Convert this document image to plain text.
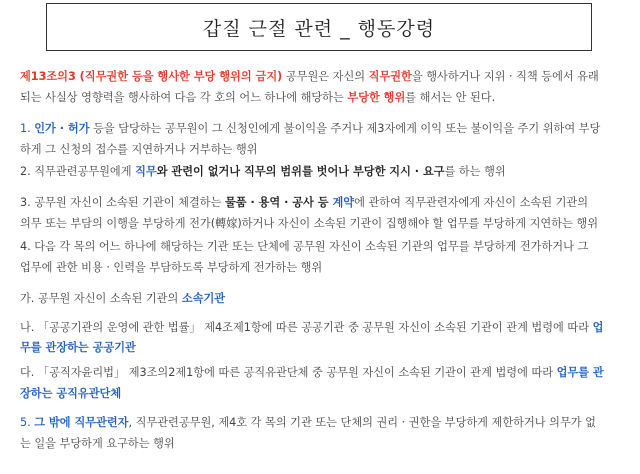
갑질 근절 관련 _ 행동강령
제13조의3 (직무권한 등을 행사한 부당 행위의 금지) 공무원은 자신의 직무권한을 행사하거나 지위 · 직책 등에서 유래
되는 사실상 영향력을 행사하여 다음 각 호의 어느 하나에 해당하는 부당한 행위를 해서는 안 된다.
1. 인가 · 허가 등을 담당하는 공무원이 그 신청인에게 불이익을 주거나 제3자에게 이익 또는 불이익을 주기 위하여 부당
하게 그 신청의 접수를 지연하거나 거부하는 행위
2. 직무관련공무원에게 직무와 관련이 없거나 직무의 범위를 벗어나 부당한 지시 · 요구를 하는 행위
3. 공무원 자신이 소속된 기관이 체결하는 물품 · 용역 · 공사 등 계약에 관하여 직무관련자에게 자신이 소속된 기관의
의무 또는 부담의 이행을 부당하게 전가(轉嫁)하거나 자신이 소속된 기관이 집행해야 할 업무를 부당하게 지연하는 행위
4. 다음 각 목의 어느 하나에 해당하는 기관 또는 단체에 공무원 자신이 소속된 기관의 업무를 부당하게 전가하거나 그
업무에 관한 비용 · 인력을 부담하도록 부당하게 전가하는 행위
가. 공무원 자신이 소속된 기관의 소속기관
나. 「공공기관의 운영에 관한 법률」 제4조제1항에 따른 공공기관 중 공무원 자신이 소속된 기관이 관계 법령에 따라 업
무를 관장하는 공공기관
다. 「공직자윤리법」 제3조의2제1항에 따른 공직유관단체 중 공무원 자신이 소속된 기관이 관계 법령에 따라 업무를 관
장하는 공직유관단체
5. 그 밖에 직무관련자, 직무관련공무원, 제4호 각 목의 기관 또는 단체의 권리 · 권한을 부당하게 제한하거나 의무가 없
는 일을 부당하게 요구하는 행위
